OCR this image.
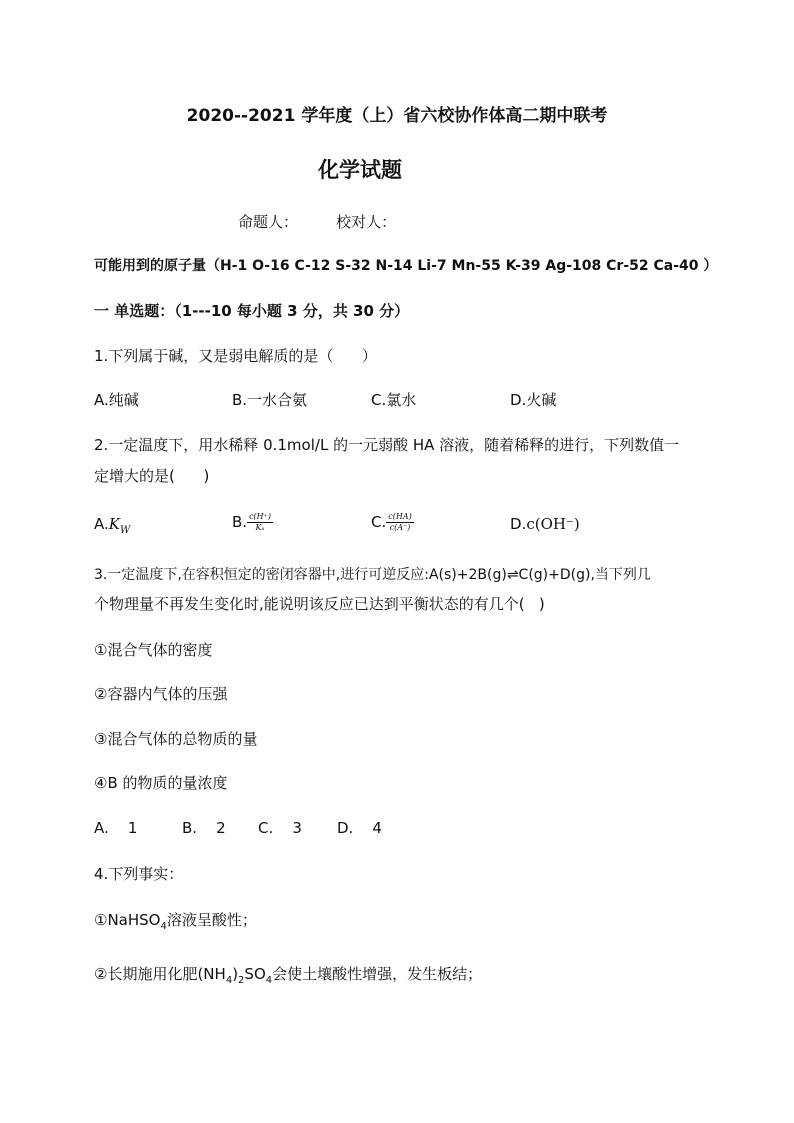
2020--2021 学年度（上）省六校协作体高二期中联考
化学试题
命题人：        校对人：
可能用到的原子量（H-1 O-16 C-12 S-32 N-14 Li-7 Mn-55 K-39 Ag-108 Cr-52 Ca-40 ）
一 单选题：（1---10 每小题 3 分，共 30 分）
1.下列属于碱，又是弱电解质的是（      ）
A.纯碱	B.一水合氨	C.氯水	D.火碱
2.一定温度下，用水稀释 0.1mol/L 的一元弱酸 HA 溶液，随着稀释的进行，下列数值一
定增大的是(      )
$A.K_W$	B. $\frac{c(H^+)}{\text{Kₐ}}$	C. $\frac{c(HA)}{c(A^-)}$	D.c(OH⁻)
3.一定温度下,在容积恒定的密闭容器中,进行可逆反应:A(s)+2B(g)⇌C(g)+D(g),当下列几
个物理量不再发生变化时,能说明该反应已达到平衡状态的有几个(   )
①混合气体的密度
②容器内气体的压强
③混合气体的总物质的量
④B 的物质的量浓度
A.    1	B.    2 C.    3 D.    4
4.下列事实：
①NaHSO$_4$溶液呈酸性；
②长期施用化肥$(NH_4)_2SO_4$会使土壤酸性增强，发生板结；
